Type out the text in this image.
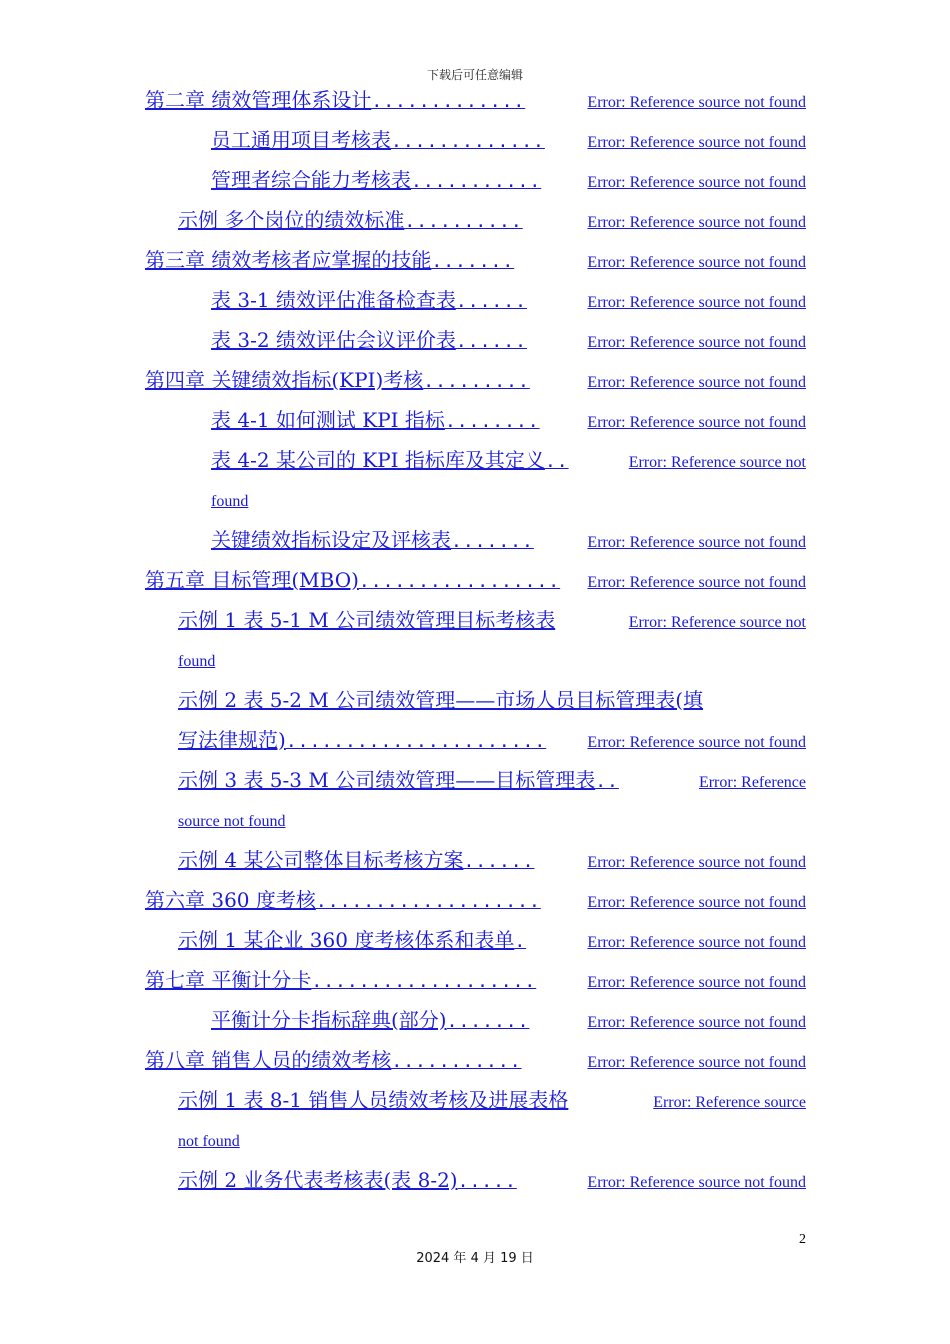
下载后可任意编辑
第二章 绩效管理体系设计 .............	Error: Reference source not found
员工通用项目考核表 .............	Error: Reference source not found
管理者综合能力考核表 ...........	Error: Reference source not found
示例 多个岗位的绩效标准 ..........	Error: Reference source not found
第三章 绩效考核者应掌握的技能 .......	Error: Reference source not found
表 3-1 绩效评估准备检查表 ......	Error: Reference source not found
表 3-2 绩效评估会议评价表 ......	Error: Reference source not found
第四章 关键绩效指标(KPI)考核 .........	Error: Reference source not found
表 4-1 如何测试 KPI 指标 ........	Error: Reference source not found
表 4-2 某公司的 KPI 指标库及其定义 ..	Error: Reference source not
found
关键绩效指标设定及评核表 .......	Error: Reference source not found
第五章 目标管理(MBO) .................	Error: Reference source not found
示例 1 表 5-1 M 公司绩效管理目标考核表	Error: Reference source not
found
示例 2 表 5-2 M 公司绩效管理——市场人员目标管理表(填
写法律规范) ......................	Error: Reference source not found
示例 3 表 5-3 M 公司绩效管理——目标管理表 ..	Error: Reference
source not found
示例 4 某公司整体目标考核方案 ......	Error: Reference source not found
第六章 360 度考核 ...................	Error: Reference source not found
示例 1 某企业 360 度考核体系和表单 .	Error: Reference source not found
第七章 平衡计分卡 ...................	Error: Reference source not found
平衡计分卡指标辞典(部分) .......	Error: Reference source not found
第八章 销售人员的绩效考核 ...........	Error: Reference source not found
示例 1 表 8-1 销售人员绩效考核及进展表格	Error: Reference source
not found
示例 2 业务代表考核表(表 8-2) .....	Error: Reference source not found
2
2024 年 4 月 19 日
